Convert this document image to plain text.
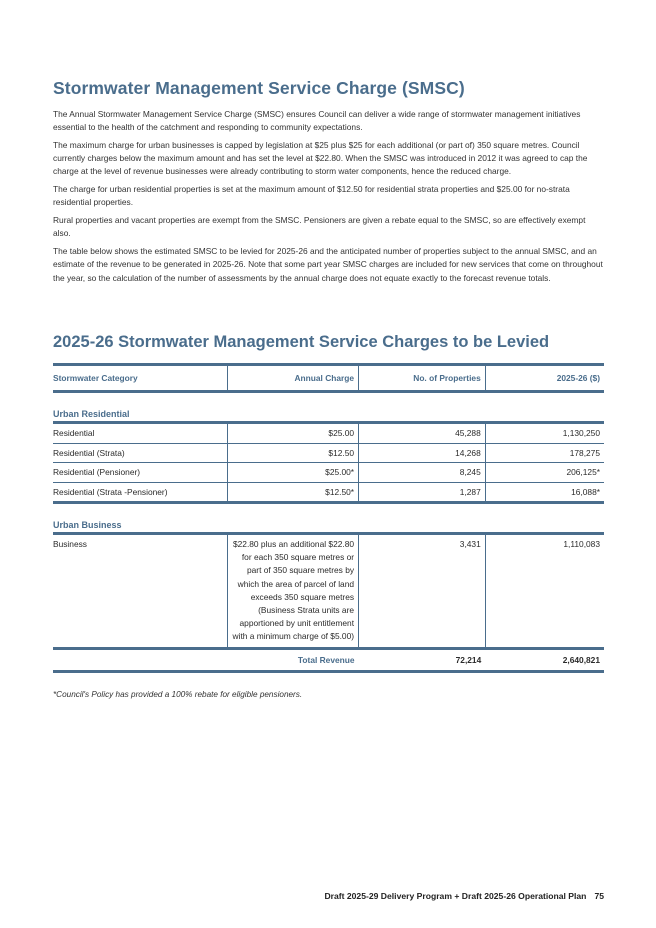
Stormwater Management Service Charge (SMSC)

The Annual Stormwater Management Service Charge (SMSC) ensures Council can deliver a wide range of stormwater management initiatives essential to the health of the catchment and responding to community expectations.

The maximum charge for urban businesses is capped by legislation at $25 plus $25 for each additional (or part of) 350 square metres. Council currently charges below the maximum amount and has set the level at $22.80. When the SMSC was introduced in 2012 it was agreed to cap the charge at the level of revenue businesses were already contributing to storm water components, hence the reduced charge.

The charge for urban residential properties is set at the maximum amount of $12.50 for residential strata properties and $25.00 for no-strata residential properties.

Rural properties and vacant properties are exempt from the SMSC. Pensioners are given a rebate equal to the SMSC, so are effectively exempt also.

The table below shows the estimated SMSC to be levied for 2025-26 and the anticipated number of properties subject to the annual SMSC, and an estimate of the revenue to be generated in 2025-26. Note that some part year SMSC charges are included for new services that come on throughout the year, so the calculation of the number of assessments by the annual charge does not equate exactly to the forecast revenue totals.

2025-26 Stormwater Management Service Charges to be Levied
Stormwater Category	Annual Charge	No. of Properties	2025-26 ($)

Urban Residential			
Residential	$25.00	45,288	1,130,250
Residential (Strata)	$12.50	14,268	178,275
Residential (Pensioner)	$25.00*	8,245	206,125*
Residential (Strata -Pensioner)	$12.50*	1,287	16,088*

Urban Business			
Business	$22.80 plus an additional $22.80 for each 350 square metres or part of 350 square metres by which the area of parcel of land exceeds 350 square metres (Business Strata units are apportioned by unit entitlement with a minimum charge of $5.00)	3,431	1,110,083
Total Revenue		72,214	2,640,821
*Council's Policy has provided a 100% rebate for eligible pensioners.
Draft 2025-29 Delivery Program + Draft 2025-26 Operational Plan 75
